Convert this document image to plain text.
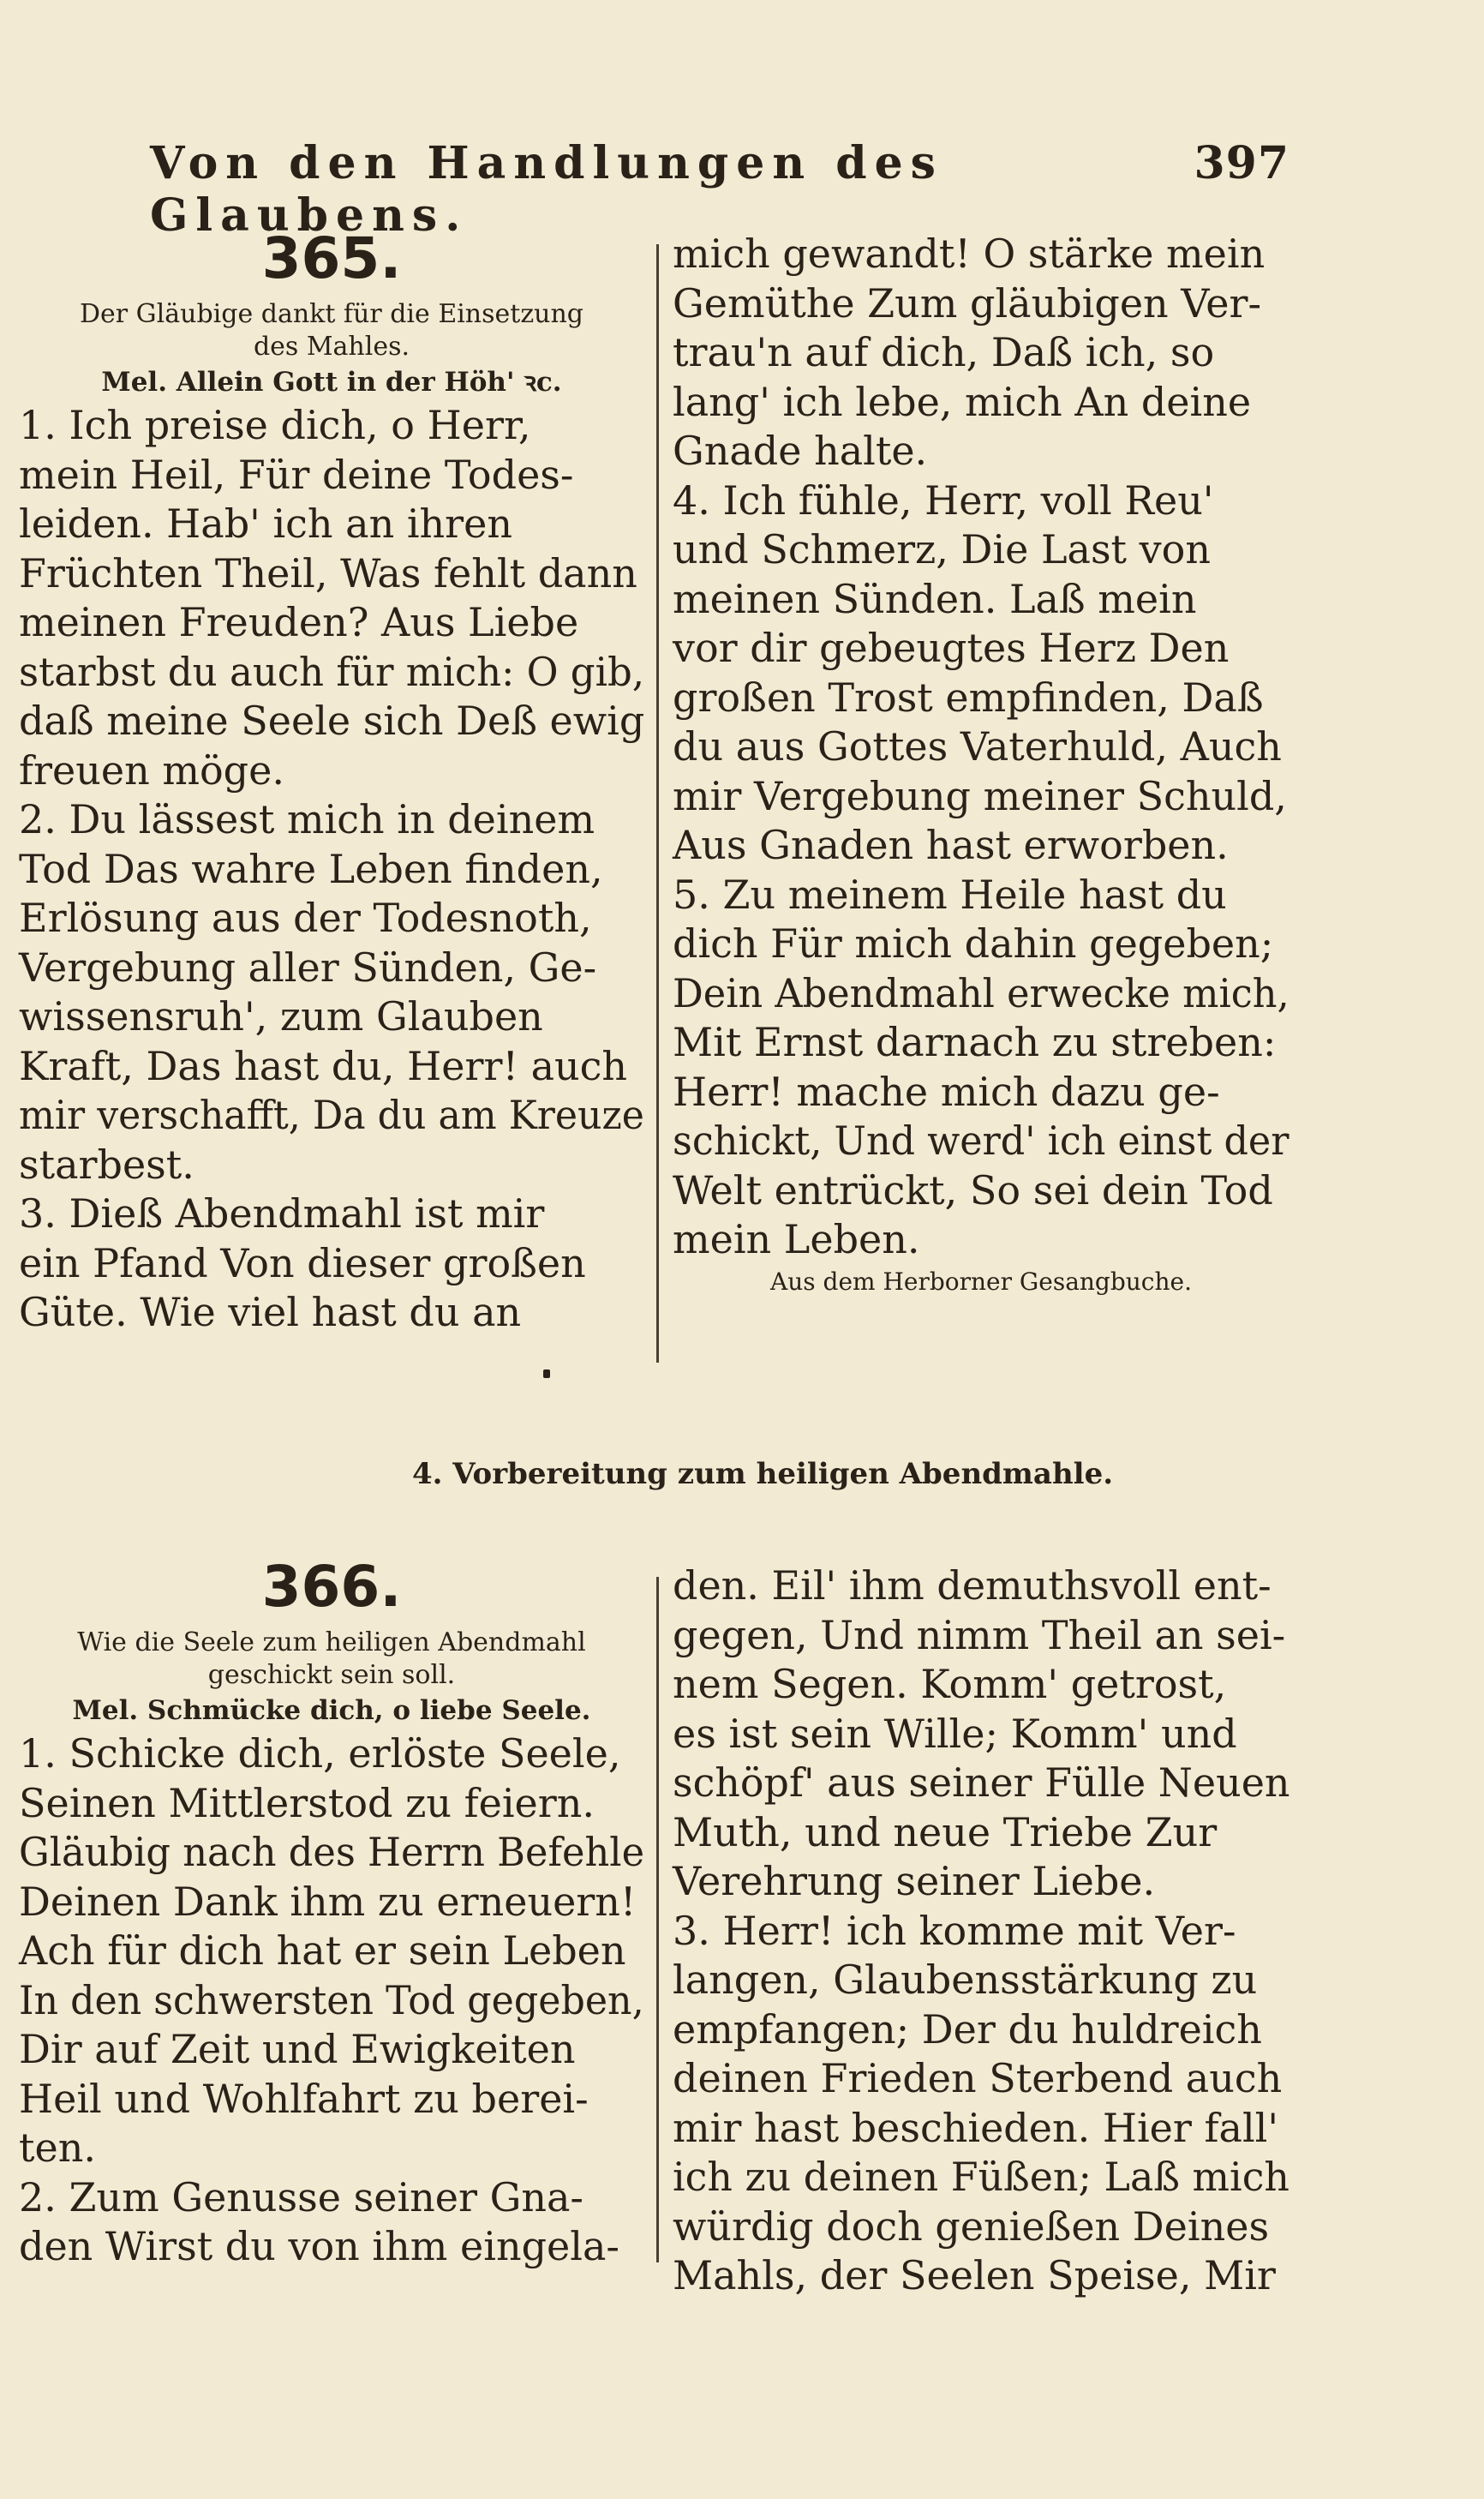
Von den Handlungen des Glaubens.
397
365.

Der Gläubige dankt für die Einsetzung

des Mahles.

Mel. Allein Gott in der Höh' ꝛc.

1. Ich preise dich, o Herr,

mein Heil, Für deine Todes-

leiden. Hab' ich an ihren

Früchten Theil, Was fehlt dann

meinen Freuden? Aus Liebe

starbst du auch für mich: O gib,

daß meine Seele sich Deß ewig

freuen möge.

2. Du lässest mich in deinem

Tod Das wahre Leben finden,

Erlösung aus der Todesnoth,

Vergebung aller Sünden, Ge-

wissensruh', zum Glauben

Kraft, Das hast du, Herr! auch

mir verschafft, Da du am Kreuze

starbest.

3. Dieß Abendmahl ist mir

ein Pfand Von dieser großen

Güte. Wie viel hast du an

mich gewandt! O stärke mein

Gemüthe Zum gläubigen Ver-

trau'n auf dich, Daß ich, so

lang' ich lebe, mich An deine

Gnade halte.

4. Ich fühle, Herr, voll Reu'

und Schmerz, Die Last von

meinen Sünden. Laß mein

vor dir gebeugtes Herz Den

großen Trost empfinden, Daß

du aus Gottes Vaterhuld, Auch

mir Vergebung meiner Schuld,

Aus Gnaden hast erworben.

5. Zu meinem Heile hast du

dich Für mich dahin gegeben;

Dein Abendmahl erwecke mich,

Mit Ernst darnach zu streben:

Herr! mache mich dazu ge-

schickt, Und werd' ich einst der

Welt entrückt, So sei dein Tod

mein Leben.

Aus dem Herborner Gesangbuche.

4. Vorbereitung zum heiligen Abendmahle.
366.

Wie die Seele zum heiligen Abendmahl

geschickt sein soll.

Mel. Schmücke dich, o liebe Seele.

1. Schicke dich, erlöste Seele,

Seinen Mittlerstod zu feiern.

Gläubig nach des Herrn Befehle

Deinen Dank ihm zu erneuern!

Ach für dich hat er sein Leben

In den schwersten Tod gegeben,

Dir auf Zeit und Ewigkeiten

Heil und Wohlfahrt zu berei-

ten.

2. Zum Genusse seiner Gna-

den Wirst du von ihm eingela-

den. Eil' ihm demuthsvoll ent-

gegen, Und nimm Theil an sei-

nem Segen. Komm' getrost,

es ist sein Wille; Komm' und

schöpf' aus seiner Fülle Neuen

Muth, und neue Triebe Zur

Verehrung seiner Liebe.

3. Herr! ich komme mit Ver-

langen, Glaubensstärkung zu

empfangen; Der du huldreich

deinen Frieden Sterbend auch

mir hast beschieden. Hier fall'

ich zu deinen Füßen; Laß mich

würdig doch genießen Deines

Mahls, der Seelen Speise, Mir
